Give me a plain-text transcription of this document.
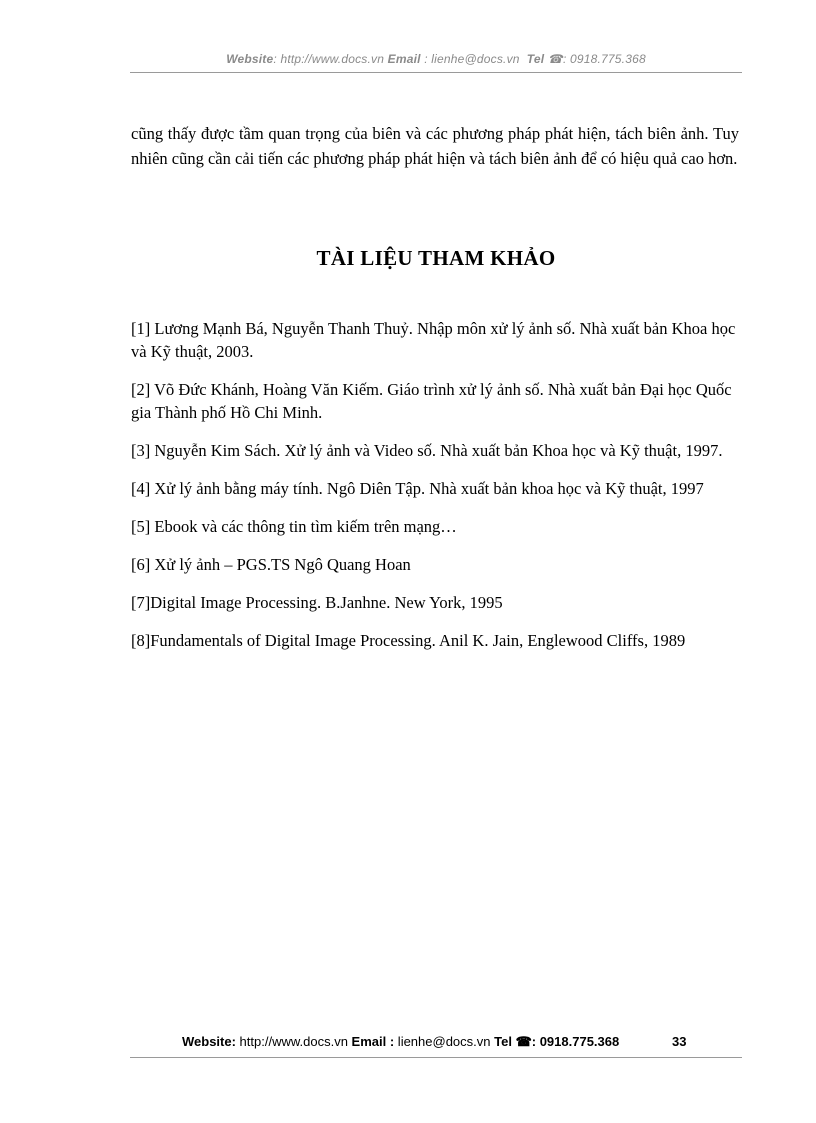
Website: http://www.docs.vn Email : lienhe@docs.vn Tel ☎: 0918.775.368

cũng thấy được tầm quan trọng của biên và các phương pháp phát hiện, tách biên ảnh. Tuy nhiên cũng cần cải tiến các phương pháp phát hiện và tách biên ảnh để có hiệu quả cao hơn.

TÀI LIỆU THAM KHẢO
[1] Lương Mạnh Bá, Nguyễn Thanh Thuỷ. Nhập môn xử lý ảnh số. Nhà xuất bản Khoa học và Kỹ thuật, 2003.
[2] Võ Đức Khánh, Hoàng Văn Kiếm. Giáo trình xử lý ảnh số. Nhà xuất bản Đại học Quốc gia Thành phố Hồ Chi Minh.
[3] Nguyễn Kim Sách. Xử lý ảnh và Video số. Nhà xuất bản Khoa học và Kỹ thuật, 1997.
[4] Xử lý ảnh bằng máy tính. Ngô Diên Tập. Nhà xuất bản khoa học và Kỹ thuật, 1997
[5] Ebook và các thông tin tìm kiếm trên mạng…
[6] Xử lý ảnh – PGS.TS Ngô Quang Hoan
[7]Digital Image Processing. B.Janhne. New York, 1995
[8]Fundamentals of Digital Image Processing. Anil K. Jain, Englewood Cliffs, 1989
Website: http://www.docs.vn Email : lienhe@docs.vn Tel ☎: 0918.775.368	33
